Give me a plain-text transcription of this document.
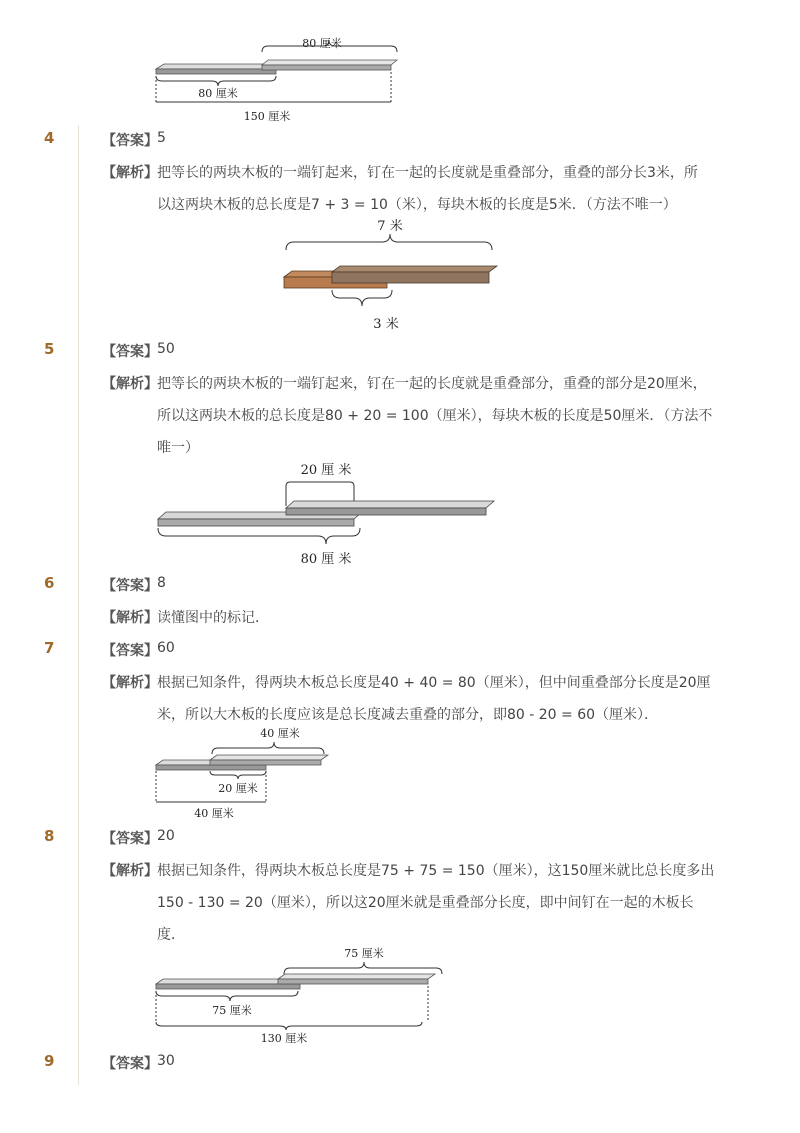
80 厘米
80 厘米
150 厘米
4	【答案】 5
【解析】 把等长的两块木板的一端钉起来，钉在一起的长度就是重叠部分，重叠的部分长3米，所
以这两块木板的总长度是7 + 3 = 10（米），每块木板的长度是5米．（方法不唯一）
7 米
3 米
5	【答案】 50
【解析】 把等长的两块木板的一端钉起来，钉在一起的长度就是重叠部分，重叠的部分是20厘米，
所以这两块木板的总长度是80 + 20 = 100（厘米），每块木板的长度是50厘米．（方法不
唯一）
20 厘 米
80 厘 米
6	【答案】 8
【解析】 读懂图中的标记．
7	【答案】 60
【解析】 根据已知条件，得两块木板总长度是40 + 40 = 80（厘米），但中间重叠部分长度是20厘
米，所以大木板的长度应该是总长度减去重叠的部分，即80 - 20 = 60（厘米）．
40 厘米
20 厘米
40 厘米
8	【答案】 20
【解析】 根据已知条件，得两块木板总长度是75 + 75 = 150（厘米），这150厘米就比总长度多出
150 - 130 = 20（厘米），所以这20厘米就是重叠部分长度，即中间钉在一起的木板长
度．
75 厘米
75 厘米
130 厘米
9	【答案】 30
